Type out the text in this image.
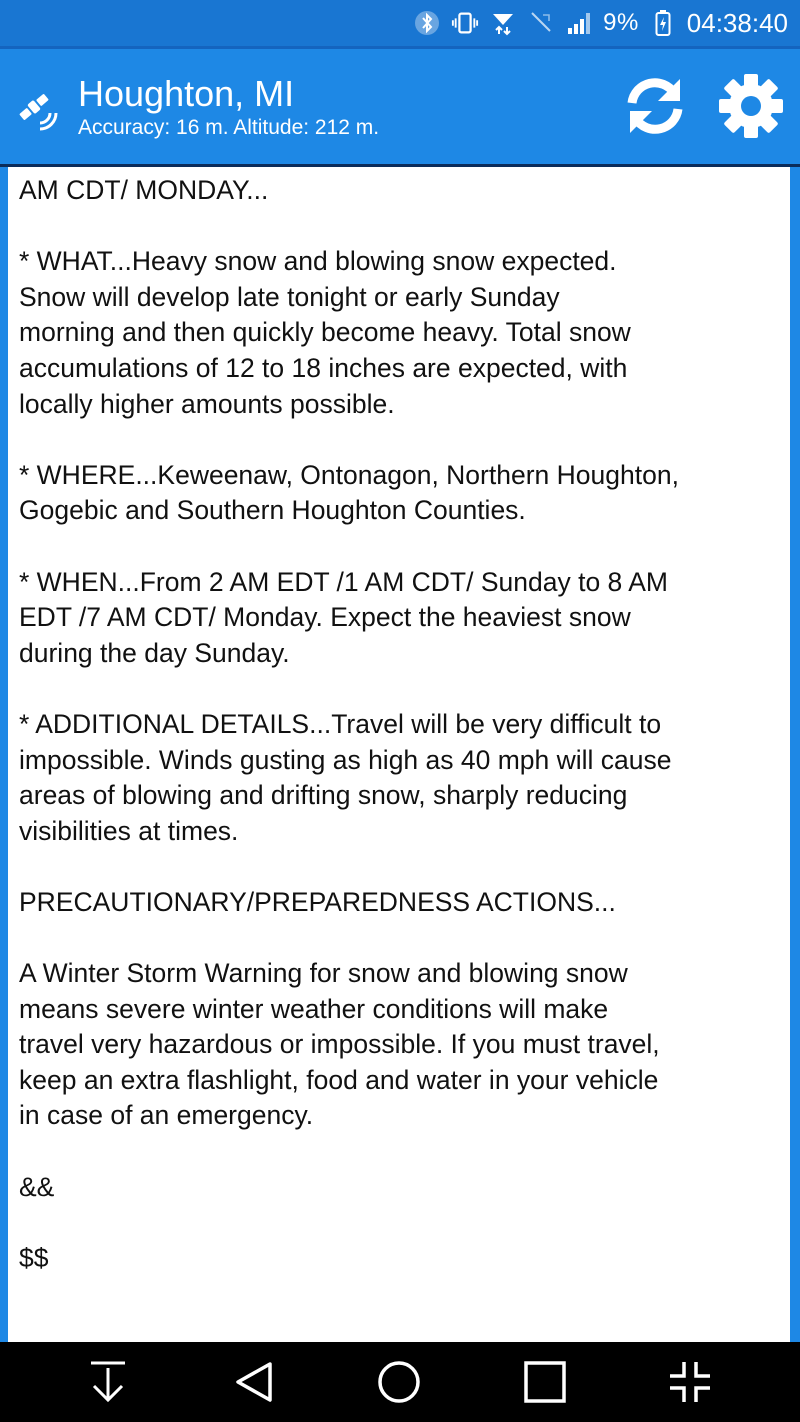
9% 04:38:40
Houghton, MI
Accuracy: 16 m. Altitude: 212 m.
AM CDT/ MONDAY...

* WHAT...Heavy snow and blowing snow expected.
Snow will develop late tonight or early Sunday
morning and then quickly become heavy. Total snow
accumulations of 12 to 18 inches are expected, with
locally higher amounts possible.

* WHERE...Keweenaw, Ontonagon, Northern Houghton,
Gogebic and Southern Houghton Counties.

* WHEN...From 2 AM EDT /1 AM CDT/ Sunday to 8 AM
EDT /7 AM CDT/ Monday. Expect the heaviest snow
during the day Sunday.

* ADDITIONAL DETAILS...Travel will be very difficult to
impossible. Winds gusting as high as 40 mph will cause
areas of blowing and drifting snow, sharply reducing
visibilities at times.

PRECAUTIONARY/PREPAREDNESS ACTIONS...

A Winter Storm Warning for snow and blowing snow
means severe winter weather conditions will make
travel very hazardous or impossible. If you must travel,
keep an extra flashlight, food and water in your vehicle
in case of an emergency.

&&

$$
